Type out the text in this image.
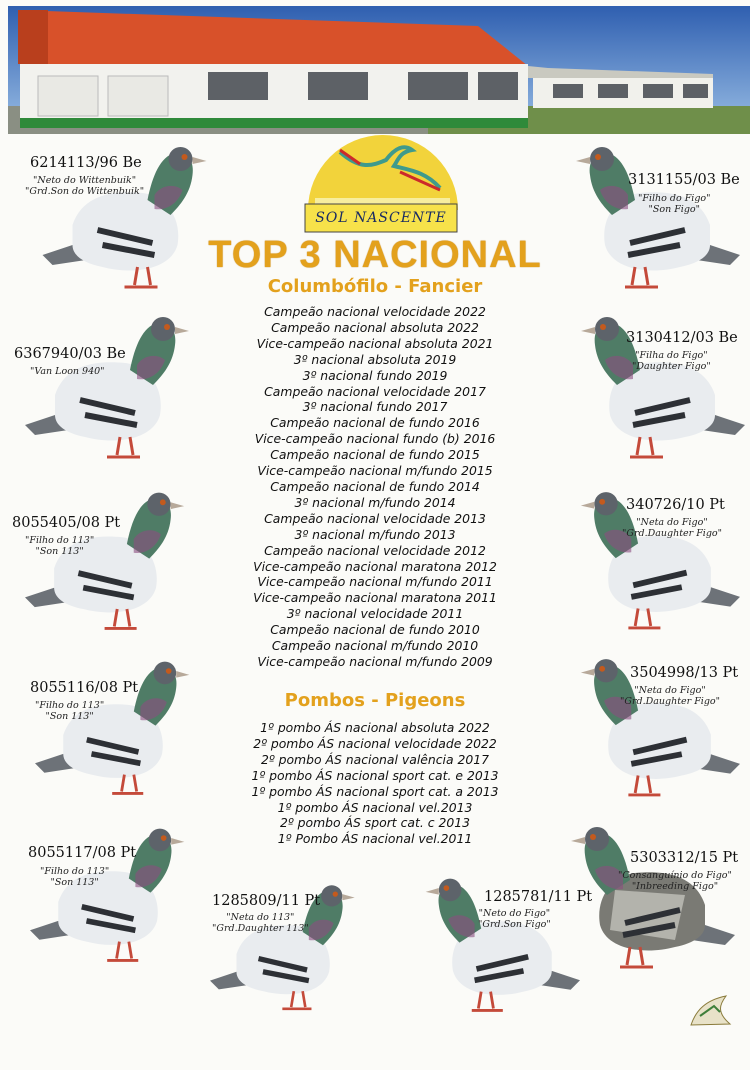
SOL NASCENTE
TOP 3 NACIONAL
Columbófilo - Fancier
Campeão nacional velocidade 2022
Campeão nacional absoluta 2022
Vice-campeão nacional absoluta 2021
3º nacional absoluta 2019
3º nacional fundo 2019
Campeão nacional velocidade 2017
3º nacional fundo 2017
Campeão nacional de fundo 2016
Vice-campeão nacional fundo (b) 2016
Campeão nacional de fundo 2015
Vice-campeão nacional m/fundo 2015
Campeão nacional de fundo 2014
3º nacional m/fundo 2014
Campeão nacional velocidade 2013
3º nacional m/fundo 2013
Campeão nacional velocidade 2012
Vice-campeão nacional maratona 2012
Vice-campeão nacional m/fundo 2011
Vice-campeão nacional maratona 2011
3º nacional velocidade 2011
Campeão nacional de fundo 2010
Campeão nacional m/fundo 2010
Vice-campeão nacional m/fundo 2009
Pombos - Pigeons
1º pombo ÁS nacional absoluta 2022
2º pombo ÁS nacional velocidade 2022
2º pombo ÁS nacional valência 2017
1º pombo ÁS nacional sport cat. e 2013
1º pombo ÁS nacional sport cat. a 2013
1º pombo ÁS nacional vel.2013
2º pombo ÁS sport cat. c 2013
1º Pombo ÁS nacional vel.2011
6214113/96 Be
"Neto do Wittenbuik"
"Grd.Son do Wittenbuik"
6367940/03 Be
"Van Loon 940"
8055405/08 Pt
"Filho do 113"
"Son 113"
8055116/08 Pt
"Filho do 113"
"Son 113"
8055117/08 Pt
"Filho do 113"
"Son 113"
1285809/11 Pt
"Neta do 113"
"Grd.Daughter 113"
1285781/11 Pt
"Neto do Figo"
"Grd.Son Figo"
3131155/03 Be
"Filho do Figo"
"Son Figo"
3130412/03 Be
"Filha do Figo"
"Daughter Figo"
340726/10 Pt
"Neta do Figo"
"Grd.Daughter Figo"
3504998/13 Pt
"Neta do Figo"
"Grd.Daughter Figo"
5303312/15 Pt
"Consanguínio do Figo"
"Inbreeding Figo"
